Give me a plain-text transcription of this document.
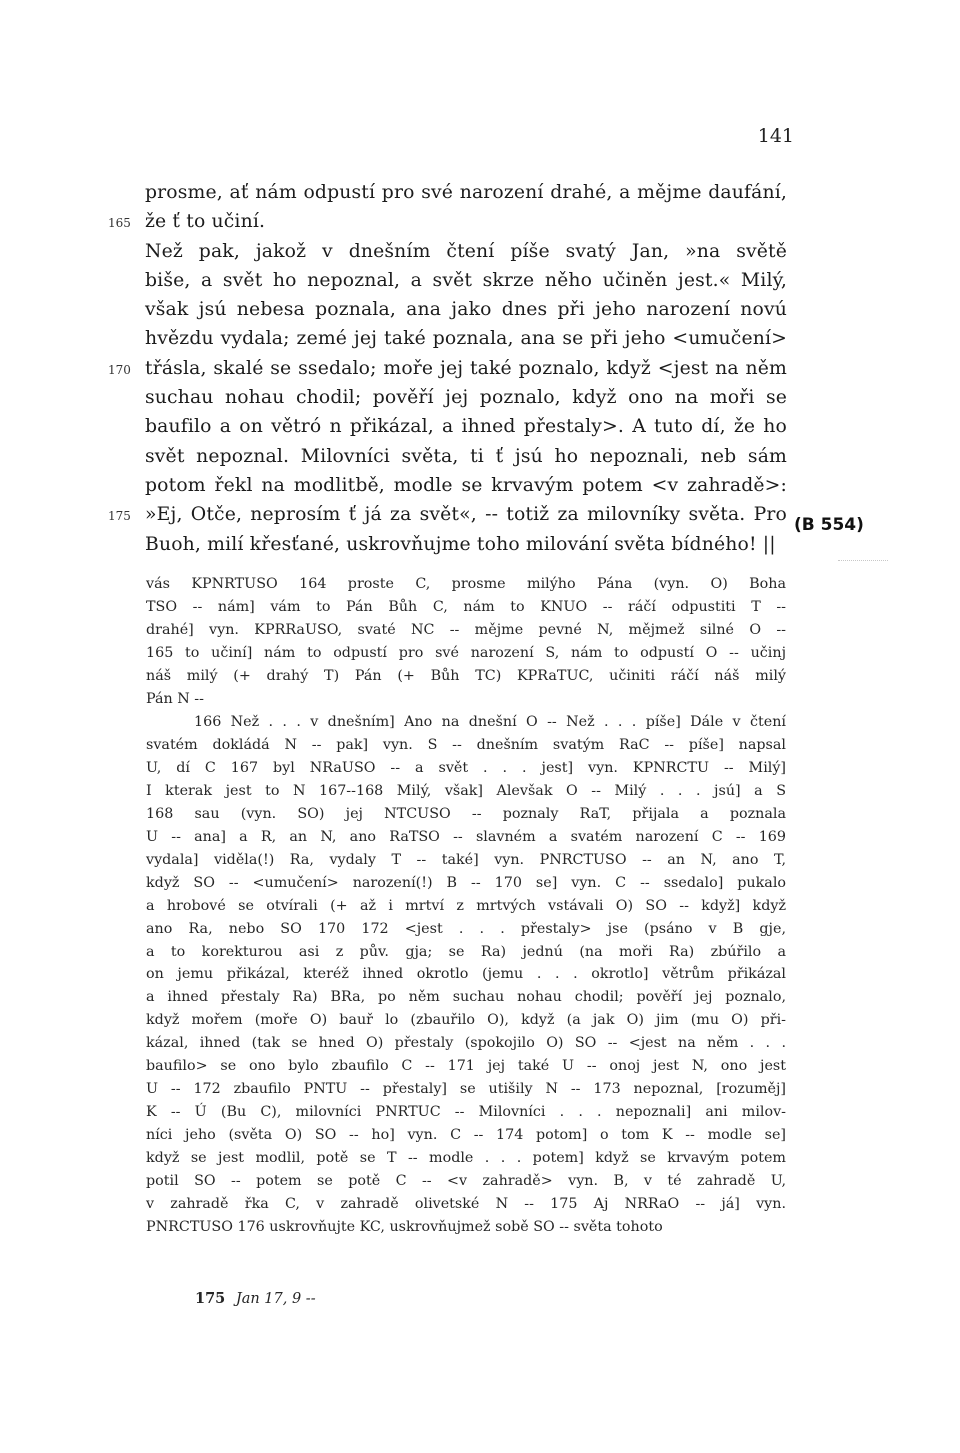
141
prosme, ať nám odpustí pro své narození drahé, a mějme daufání,
165 že ť to učiní.
Než pak, jakož v dnešním čtení píše svatý Jan, »na světě
biše, a svět ho nepoznal, a svět skrze něho učiněn jest.« Milý,
však jsú nebesa poznala, ana jako dnes při jeho narození novú
hvězdu vydala; zemé jej také poznala, ana se při jeho <umučení>
170 třásla, skalé se ssedalo; moře jej také poznalo, když <jest na něm
suchau nohau chodil; pověří jej poznalo, když ono na moři se
baufilo a on větró n přikázal, a ihned přestaly>. A tuto dí, že ho
svět nepoznal. Milovníci světa, ti ť jsú ho nepoznali, neb sám
potom řekl na modlitbě, modle se krvavým potem <v zahradě>:
175 »Ej, Otče, neprosím ť já za svět«, -- totiž za milovníky světa. Pro
Buoh, milí křesťané, uskrovňujme toho milování světa bídného! ||
(B 554)
vás KPNRTUSO 164 proste C, prosme milýho Pána (vyn. O) Boha
TSO -- nám] vám to Pán Bůh C, nám to KNUO -- ráčí odpustiti T --
drahé] vyn. KPRRaUSO, svaté NC -- mějme pevné N, mějmež silné O --
165 to učiní] nám to odpustí pro své narození S, nám to odpustí O -- učinj
náš milý (+ drahý T) Pán (+ Bůh TC) KPRaTUC, učiniti ráčí náš milý
Pán N --
166 Než . . . v dnešním] Ano na dnešní O -- Než . . . píše] Dále v čtení
svatém dokládá N -- pak] vyn. S -- dnešním svatým RaC -- píše] napsal
U, dí C 167 byl NRaUSO -- a svět . . . jest] vyn. KPNRCTU -- Milý]
I kterak jest to N 167--168 Milý, však] Alevšak O -- Milý . . . jsú] a S
168 sau (vyn. SO) jej NTCUSO -- poznaly RaT, přijala a poznala
U -- ana] a R, an N, ano RaTSO -- slavném a svatém narození C -- 169
vydala] viděla(!) Ra, vydaly T -- také] vyn. PNRCTUSO -- an N, ano T,
když SO -- <umučení> narození(!) B -- 170 se] vyn. C -- ssedalo] pukalo
a hrobové se otvírali (+ až i mrtví z mrtvých vstávali O) SO -- když] když
ano Ra, nebo SO 170 172 <jest . . . přestaly> jse (psáno v B gje,
a to korekturou asi z pův. gja; se Ra) jednú (na moři Ra) zbúřilo a
on jemu přikázal, kteréž ihned okrotlo (jemu . . . okrotlo] větrům přikázal
a ihned přestaly Ra) BRa, po něm suchau nohau chodil; pověří jej poznalo,
když mořem (moře O) bauř lo (zbauřilo O), když (a jak O) jim (mu O) při-
kázal, ihned (tak se hned O) přestaly (spokojilo O) SO -- <jest na něm . . .
baufilo> se ono bylo zbaufilo C -- 171 jej také U -- onoj jest N, ono jest
U -- 172 zbaufilo PNTU -- přestaly] se utišily N -- 173 nepoznal, [rozuměj]
K -- Ú (Bu C), milovníci PNRTUC -- Milovníci . . . nepoznali] ani milov-
níci jeho (světa O) SO -- ho] vyn. C -- 174 potom] o tom K -- modle se]
když se jest modlil, potě se T -- modle . . . potem] když se krvavým potem
potil SO -- potem se potě C -- <v zahradě> vyn. B, v té zahradě U,
v zahradě řka C, v zahradě olivetské N -- 175 Aj NRRaO -- já] vyn.
PNRCTUSO 176 uskrovňujte KC, uskrovňujmež sobě SO -- světa tohoto
175 Jan 17, 9 --
